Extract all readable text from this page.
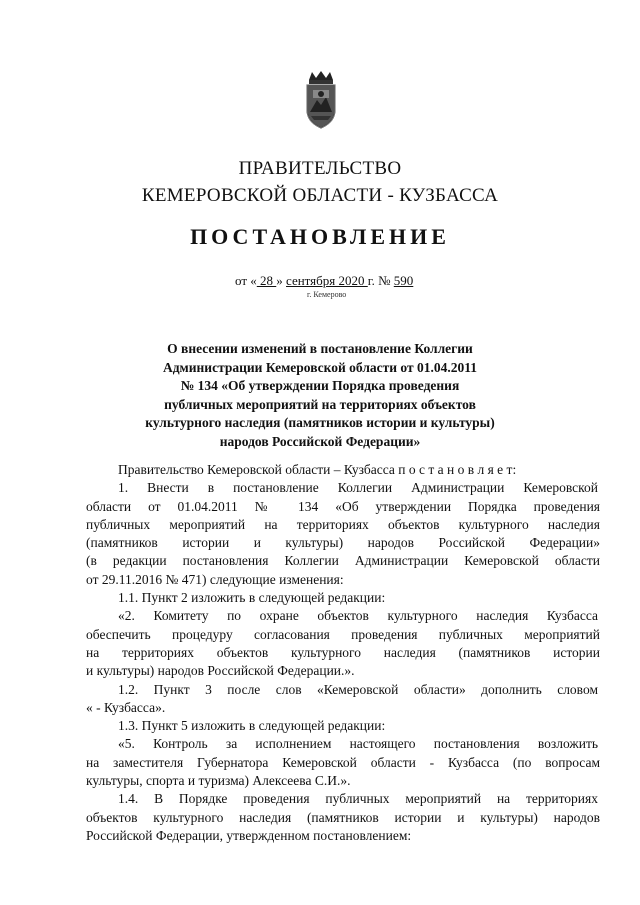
ПРАВИТЕЛЬСТВО
КЕМЕРОВСКОЙ ОБЛАСТИ - КУЗБАССА
ПОСТАНОВЛЕНИЕ
от « 28 » сентября 2020 г. № 590
г. Кемерово
О внесении изменений в постановление Коллегии
Администрации Кемеровской области от 01.04.2011
№ 134 «Об утверждении Порядка проведения
публичных мероприятий на территориях объектов
культурного наследия (памятников истории и культуры)
народов Российской Федерации»
Правительство Кемеровской области – Кузбасса п о с т а н о в л я е т:
1. Внести в постановление Коллегии Администрации Кемеровской
области от 01.04.2011 № 134 «Об утверждении Порядка проведения
публичных мероприятий на территориях объектов культурного наследия
(памятников истории и культуры) народов Российской Федерации»
(в редакции постановления Коллегии Администрации Кемеровской области
от 29.11.2016 № 471) следующие изменения:
1.1. Пункт 2 изложить в следующей редакции:
«2. Комитету по охране объектов культурного наследия Кузбасса
обеспечить процедуру согласования проведения публичных мероприятий
на территориях объектов культурного наследия (памятников истории
и культуры) народов Российской Федерации.».
1.2. Пункт 3 после слов «Кемеровской области» дополнить словом
« - Кузбасса».
1.3. Пункт 5 изложить в следующей редакции:
«5. Контроль за исполнением настоящего постановления возложить
на заместителя Губернатора Кемеровской области - Кузбасса (по вопросам
культуры, спорта и туризма) Алексеева С.И.».
1.4. В Порядке проведения публичных мероприятий на территориях
объектов культурного наследия (памятников истории и культуры) народов
Российской Федерации, утвержденном постановлением:
